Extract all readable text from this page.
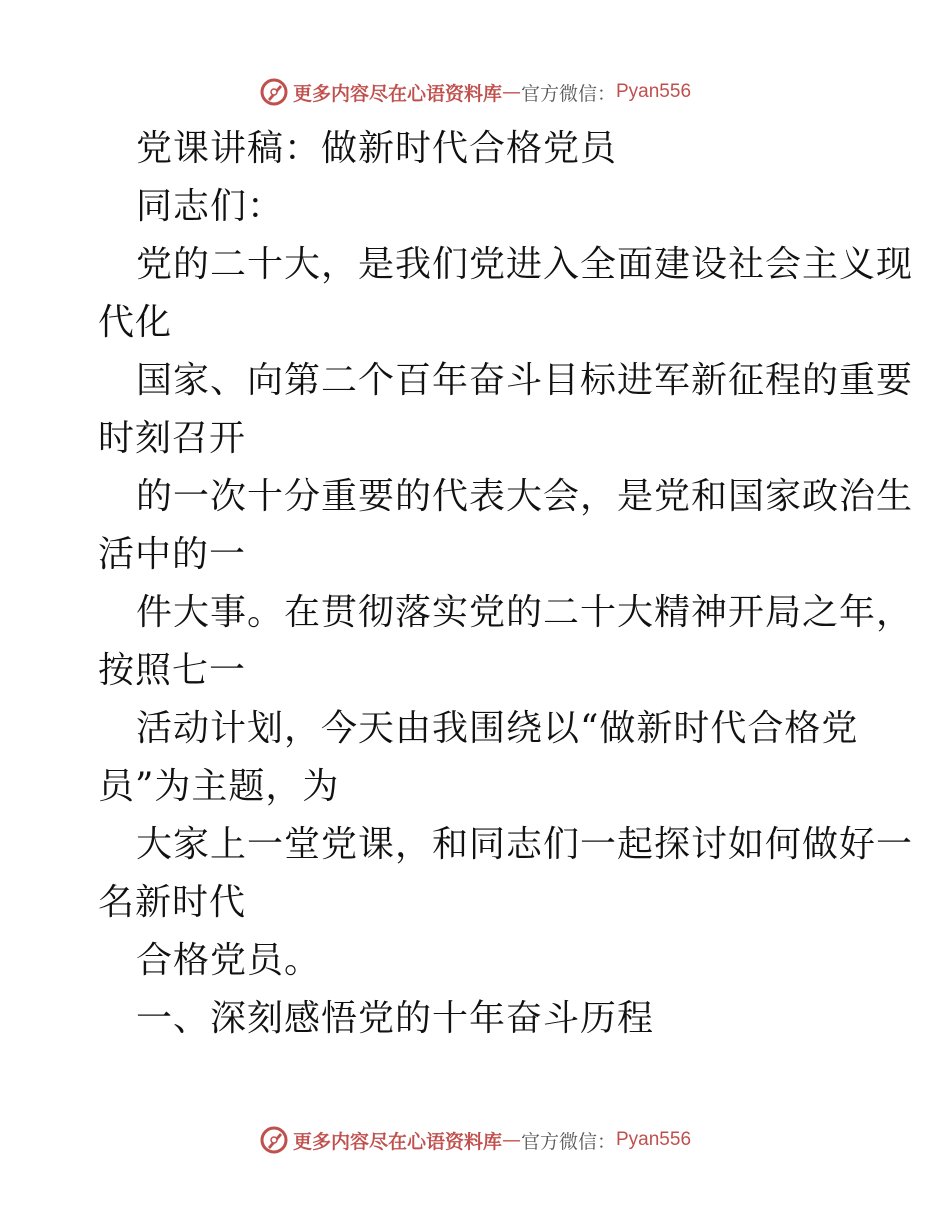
更多内容尽在心语资料库 — 官方微信： Pyan556
党课讲稿：做新时代合格党员
同志们：
党的二十大，是我们党进入全面建设社会主义现
代化
国家、向第二个百年奋斗目标进军新征程的重要
时刻召开
的一次十分重要的代表大会，是党和国家政治生
活中的一
件大事。在贯彻落实党的二十大精神开局之年，
按照七一
活动计划，今天由我围绕以“做新时代合格党
员”为主题，为
大家上一堂党课，和同志们一起探讨如何做好一
名新时代
合格党员。
一、深刻感悟党的十年奋斗历程
更多内容尽在心语资料库 — 官方微信： Pyan556
